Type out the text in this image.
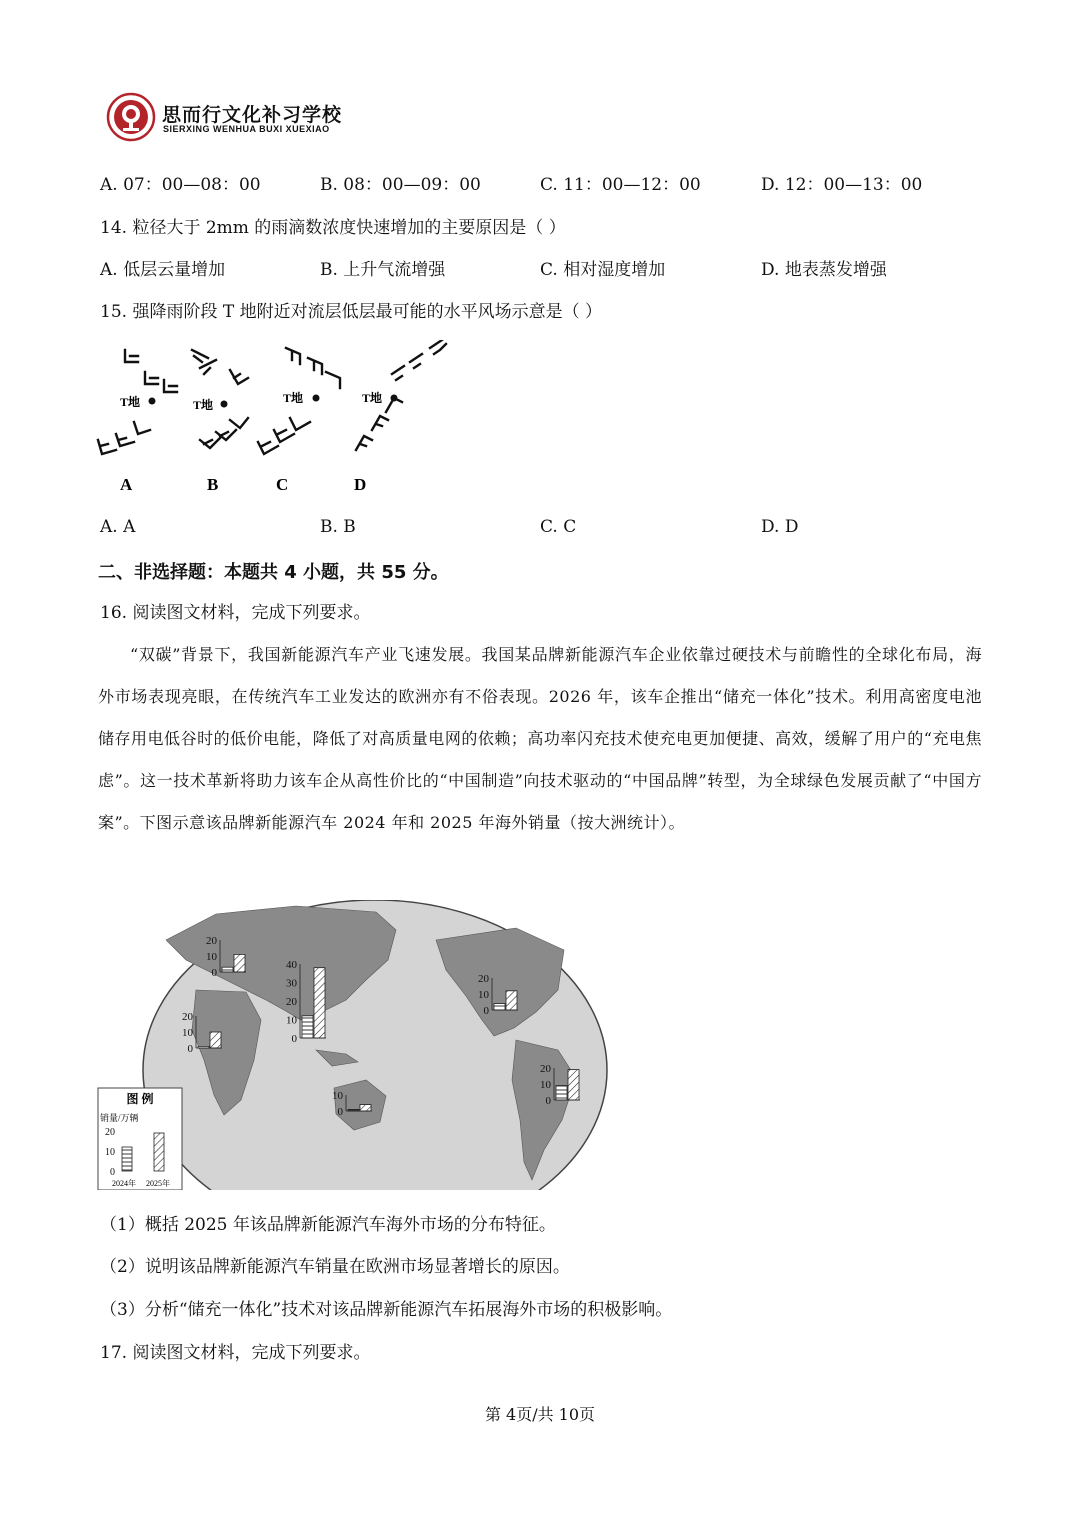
思而行文化补习学校
SIERXING WENHUA BUXI XUEXIAO
A. 07：00—08：00	B. 08：00—09：00	C. 11：00—12：00	D. 12：00—13：00
14. 粒径大于 2mm 的雨滴数浓度快速增加的主要原因是（ ）
A. 低层云量增加	B. 上升气流增强	C. 相对湿度增加	D. 地表蒸发增强
15. 强降雨阶段 T 地附近对流层低层最可能的水平风场示意是（ ）
T地	T地	T地	T地
A	B	C	D
A. A	B. B	C. C	D. D
二、非选择题：本题共 4 小题，共 55 分。
16. 阅读图文材料，完成下列要求。

“双碳”背景下，我国新能源汽车产业飞速发展。我国某品牌新能源汽车企业依靠过硬技术与前瞻性的全球化布局，海外市场表现亮眼，在传统汽车工业发达的欧洲亦有不俗表现。2026 年，该车企推出“储充一体化”技术。利用高密度电池储存用电低谷时的低价电能，降低了对高质量电网的依赖；高功率闪充技术使充电更加便捷、高效，缓解了用户的“充电焦虑”。这一技术革新将助力该车企从高性价比的“中国制造”向技术驱动的“中国品牌”转型，为全球绿色发展贡献了“中国方案”。下图示意该品牌新能源汽车 2024 年和 2025 年海外销量（按大洲统计）。

0
10
20
0
10
20
30
40
0
10
20
0
10
0
10
20
0
10
20
图 例
销量/万辆
0
10
20
2024年 2025年
（1）概括 2025 年该品牌新能源汽车海外市场的分布特征。
（2）说明该品牌新能源汽车销量在欧洲市场显著增长的原因。
（3）分析“储充一体化”技术对该品牌新能源汽车拓展海外市场的积极影响。
17. 阅读图文材料，完成下列要求。
第 4页/共 10页
